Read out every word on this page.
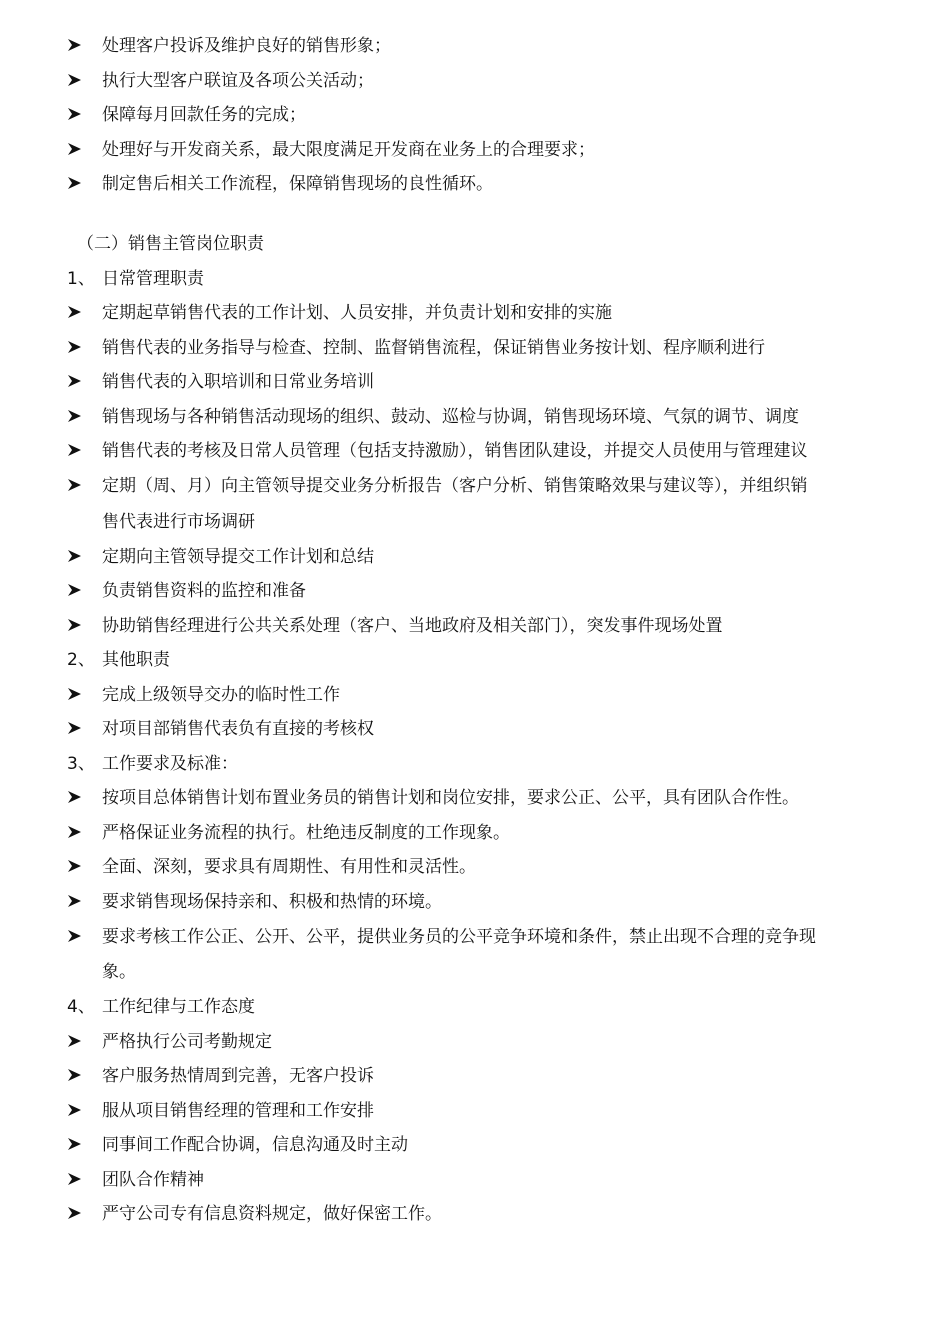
处理客户投诉及维护良好的销售形象；
执行大型客户联谊及各项公关活动；
保障每月回款任务的完成；
处理好与开发商关系，最大限度满足开发商在业务上的合理要求；
制定售后相关工作流程，保障销售现场的良性循环。
（二）销售主管岗位职责
1、 日常管理职责
定期起草销售代表的工作计划、人员安排，并负责计划和安排的实施
销售代表的业务指导与检查、控制、监督销售流程，保证销售业务按计划、程序顺利进行
销售代表的入职培训和日常业务培训
销售现场与各种销售活动现场的组织、鼓动、巡检与协调，销售现场环境、气氛的调节、调度
销售代表的考核及日常人员管理（包括支持激励），销售团队建设，并提交人员使用与管理建议
定期（周、月）向主管领导提交业务分析报告（客户分析、销售策略效果与建议等），并组织销
售代表进行市场调研
定期向主管领导提交工作计划和总结
负责销售资料的监控和准备
协助销售经理进行公共关系处理（客户、当地政府及相关部门），突发事件现场处置
2、 其他职责
完成上级领导交办的临时性工作
对项目部销售代表负有直接的考核权
3、 工作要求及标准：
按项目总体销售计划布置业务员的销售计划和岗位安排，要求公正、公平，具有团队合作性。
严格保证业务流程的执行。杜绝违反制度的工作现象。
全面、深刻，要求具有周期性、有用性和灵活性。
要求销售现场保持亲和、积极和热情的环境。
要求考核工作公正、公开、公平，提供业务员的公平竞争环境和条件，禁止出现不合理的竞争现
象。
4、 工作纪律与工作态度
严格执行公司考勤规定
客户服务热情周到完善，无客户投诉
服从项目销售经理的管理和工作安排
同事间工作配合协调，信息沟通及时主动
团队合作精神
严守公司专有信息资料规定，做好保密工作。
